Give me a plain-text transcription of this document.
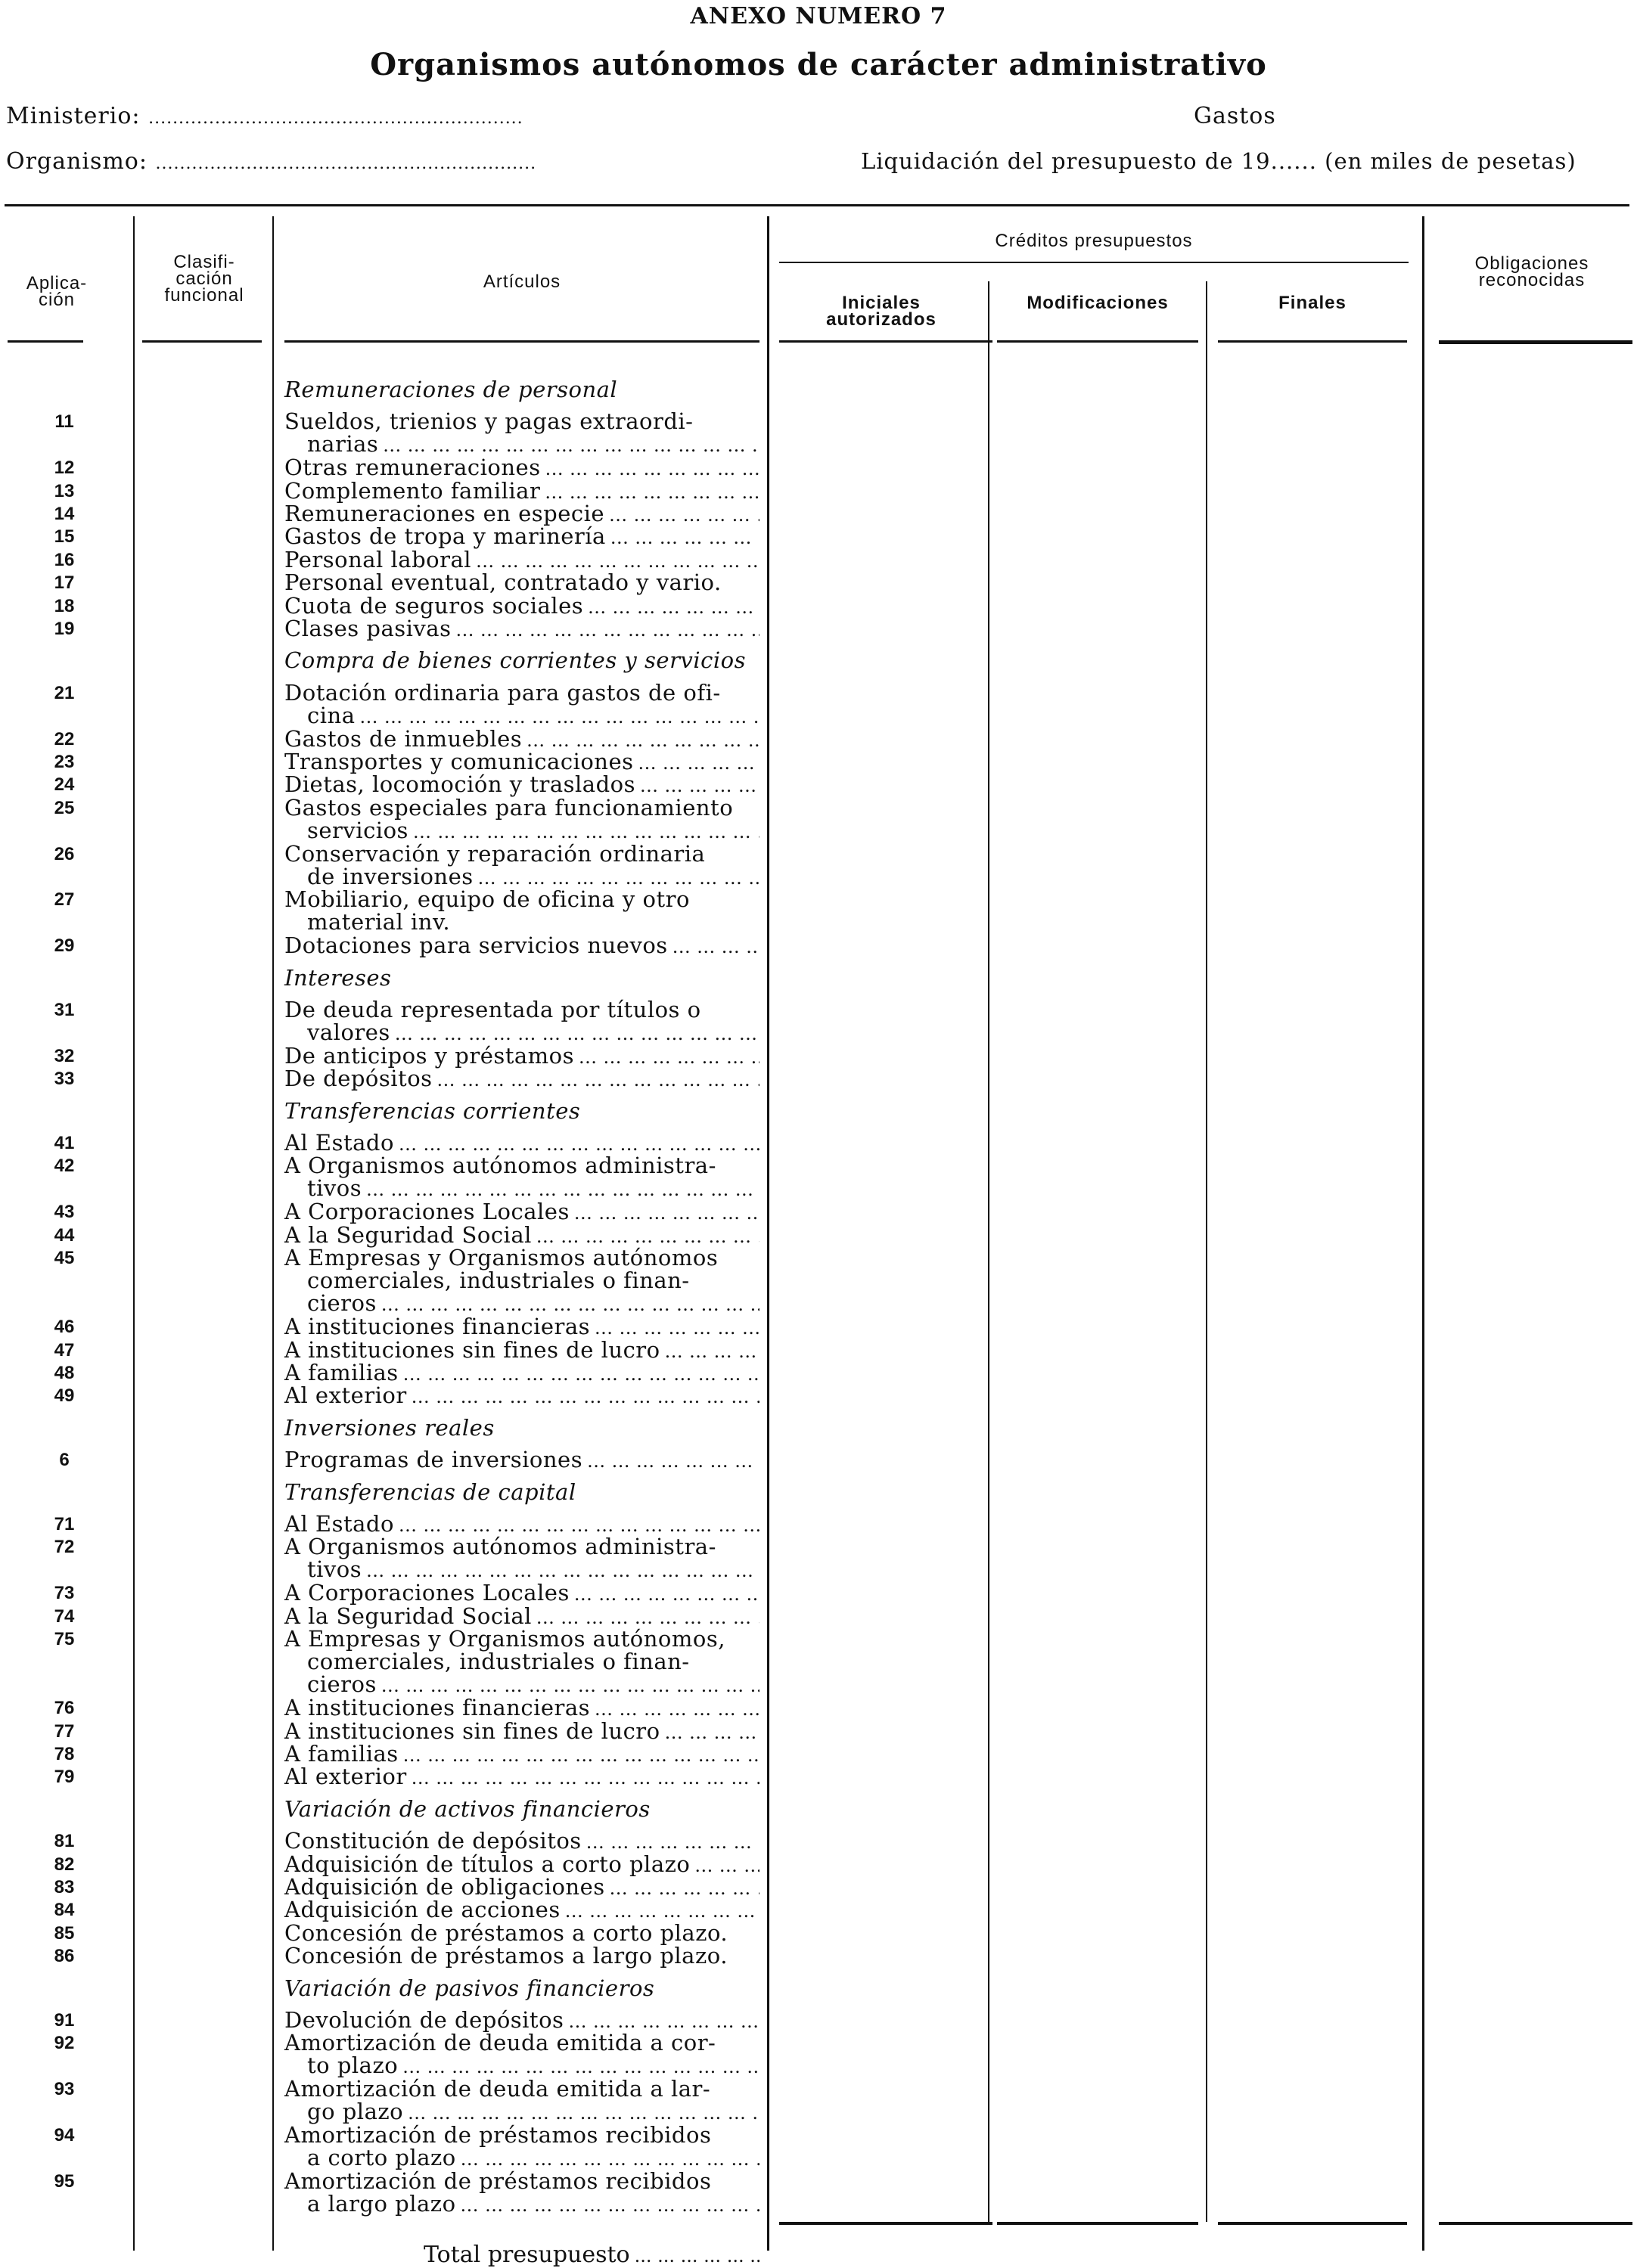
ANEXO NUMERO 7
Organismos autónomos de carácter administrativo
Ministerio: ..............................................................
Organismo: ...............................................................
Gastos
Liquidación del presupuesto de 19...... (en miles de pesetas)
Aplica-
ción
Clasifi-
cación
funcional
Artículos
Créditos presupuestos
Iniciales
autorizados
Modificaciones	Finales
Obligaciones
reconocidas
Remuneraciones de personal
11	Sueldos, trienios y pagas extraordi-
narias
... .
12	Otras remuneraciones
... .
13	Complemento familiar
... .
14	Remuneraciones en especie
... .
15	Gastos de tropa y marinería
... .
16	Personal laboral
... .
17	Personal eventual, contratado y vario.
18	Cuota de seguros sociales
... .
19	Clases pasivas
... .
Compra de bienes corrientes y servicios
21	Dotación ordinaria para gastos de ofi-
cina
... .
22	Gastos de inmuebles
... .
23	Transportes y comunicaciones
... .
24	Dietas, locomoción y traslados
... .
25	Gastos especiales para funcionamiento
servicios
... .
26	Conservación y reparación ordinaria
de inversiones
... .
27	Mobiliario, equipo de oficina y otro
material inv.
29	Dotaciones para servicios nuevos
... .
Intereses
31	De deuda representada por títulos o
valores
... .
32	De anticipos y préstamos
... .
33	De depósitos
... .
Transferencias corrientes
41	Al Estado
... .
42	A Organismos autónomos administra-
tivos
... .
43	A Corporaciones Locales
... .
44	A la Seguridad Social
... .
45	A Empresas y Organismos autónomos
comerciales, industriales o finan-
cieros
... .
46	A instituciones financieras
... .
47	A instituciones sin fines de lucro
... .
48	A familias
... .
49	Al exterior
... .
Inversiones reales
6	Programas de inversiones
... .
Transferencias de capital
71	Al Estado
... .
72	A Organismos autónomos administra-
tivos
... .
73	A Corporaciones Locales
... .
74	A la Seguridad Social
... .
75	A Empresas y Organismos autónomos,
comerciales, industriales o finan-
cieros
... .
76	A instituciones financieras
... .
77	A instituciones sin fines de lucro
... .
78	A familias
... .
79	Al exterior
... .
Variación de activos financieros
81	Constitución de depósitos
... .
82	Adquisición de títulos a corto plazo
... .
83	Adquisición de obligaciones
... .
84	Adquisición de acciones
... .
85	Concesión de préstamos a corto plazo.
86	Concesión de préstamos a largo plazo.
Variación de pasivos financieros
91	Devolución de depósitos
... .
92	Amortización de deuda emitida a cor-
to plazo
... .
93	Amortización de deuda emitida a lar-
go plazo
... .
94	Amortización de préstamos recibidos
a corto plazo
... .
95	Amortización de préstamos recibidos
a largo plazo
... .
Total presupuesto
... .
